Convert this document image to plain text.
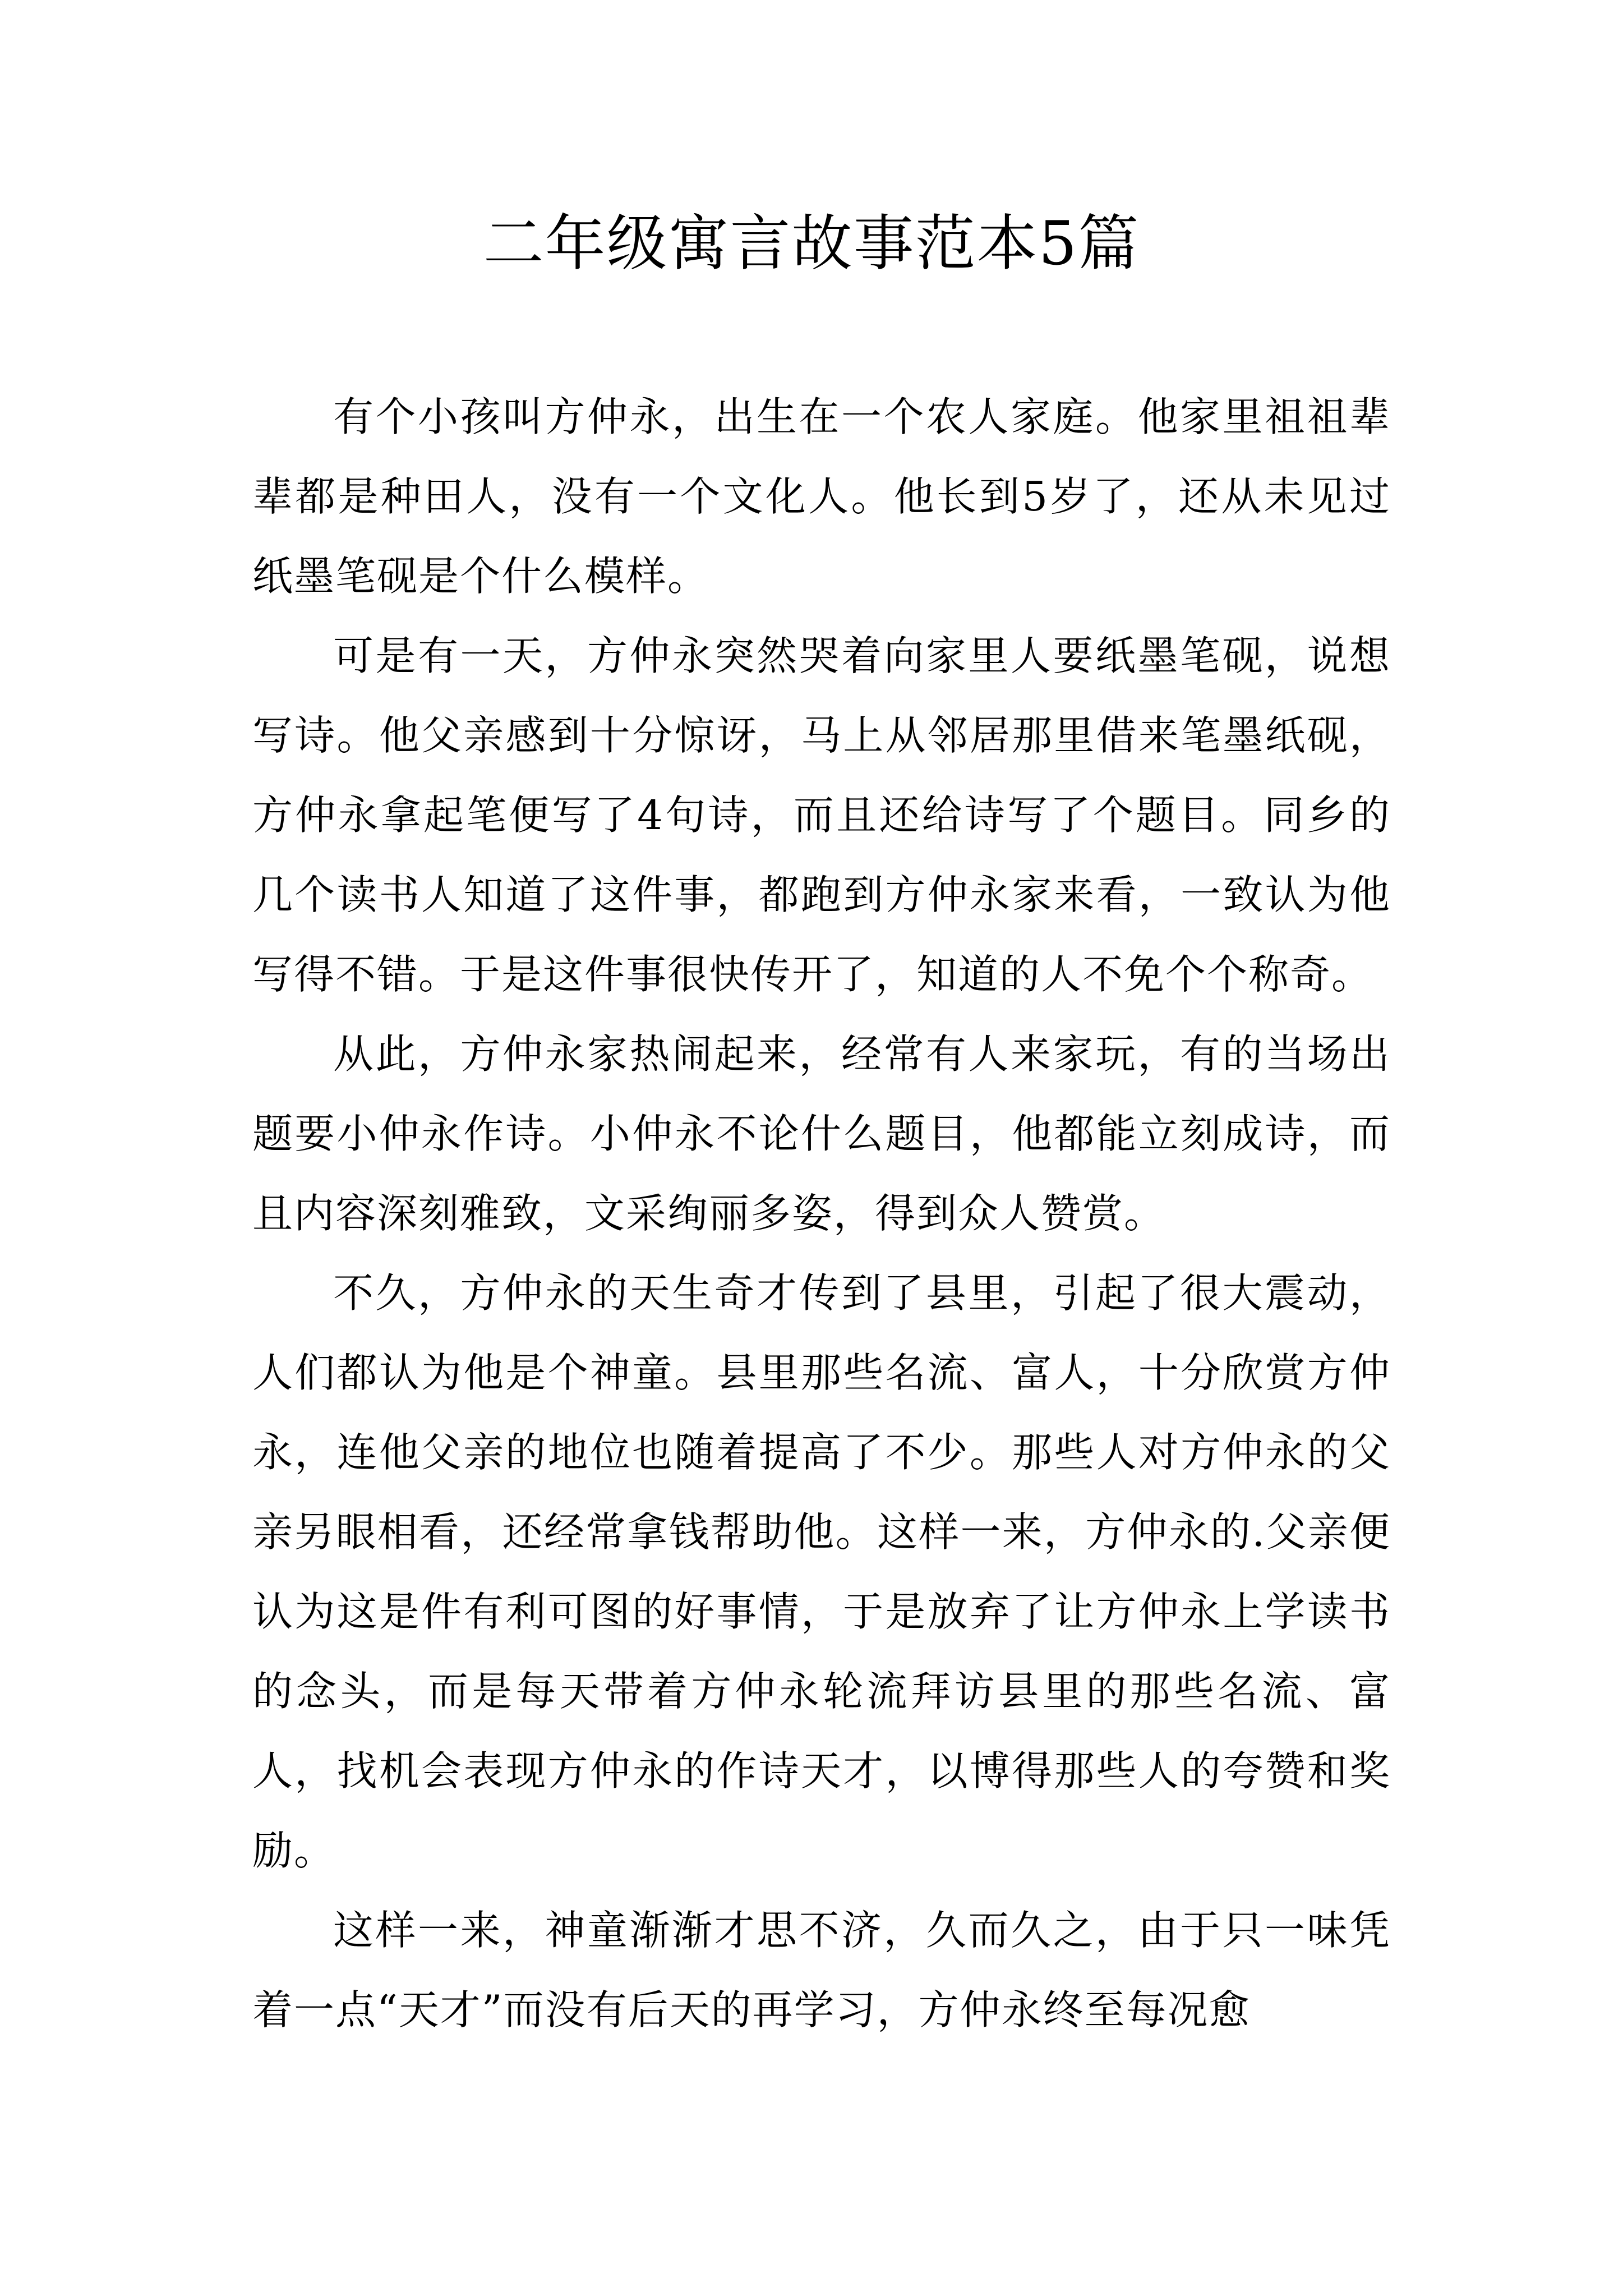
二年级寓言故事范本5篇

有个小孩叫方仲永，出生在一个农人家庭。他家里祖祖辈辈都是种田人，没有一个文化人。他长到5岁了，还从未见过纸墨笔砚是个什么模样。

可是有一天，方仲永突然哭着向家里人要纸墨笔砚，说想写诗。他父亲感到十分惊讶，马上从邻居那里借来笔墨纸砚，方仲永拿起笔便写了4句诗，而且还给诗写了个题目。同乡的几个读书人知道了这件事，都跑到方仲永家来看，一致认为他写得不错。于是这件事很快传开了，知道的人不免个个称奇。

从此，方仲永家热闹起来，经常有人来家玩，有的当场出题要小仲永作诗。小仲永不论什么题目，他都能立刻成诗，而且内容深刻雅致，文采绚丽多姿，得到众人赞赏。

不久，方仲永的天生奇才传到了县里，引起了很大震动，人们都认为他是个神童。县里那些名流、富人，十分欣赏方仲永，连他父亲的地位也随着提高了不少。那些人对方仲永的父亲另眼相看，还经常拿钱帮助他。这样一来，方仲永的.父亲便认为这是件有利可图的好事情，于是放弃了让方仲永上学读书的念头，而是每天带着方仲永轮流拜访县里的那些名流、富人，找机会表现方仲永的作诗天才，以博得那些人的夸赞和奖励。

这样一来，神童渐渐才思不济，久而久之，由于只一味凭着一点“天才”而没有后天的再学习，方仲永终至每况愈
